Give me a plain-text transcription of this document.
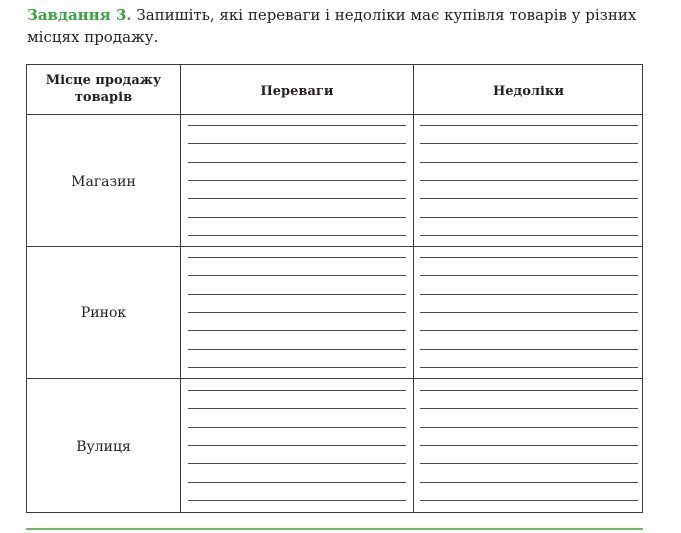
Завдання 3. Запишіть, які переваги і недоліки має купівля товарів у різних місцях продажу.
Місце продажу товарів	Переваги	Недоліки
Магазин
Ринок
Вулиця
